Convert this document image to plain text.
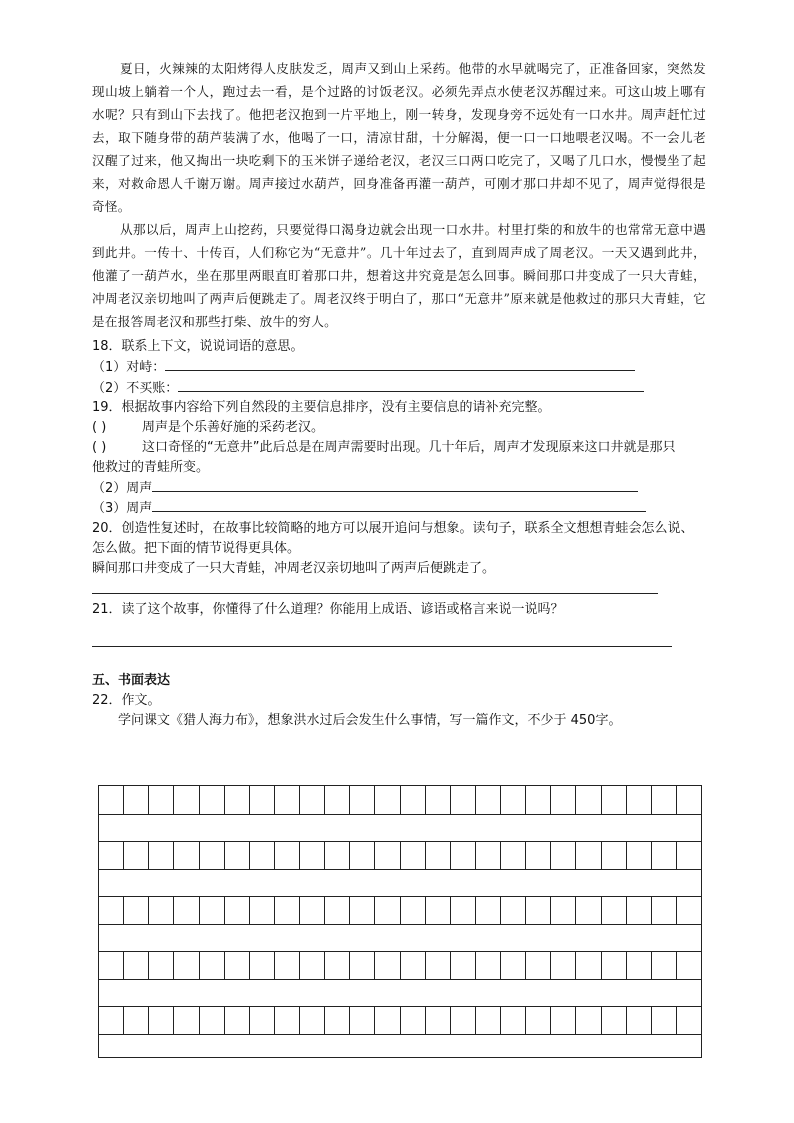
夏日，火辣辣的太阳烤得人皮肤发乏，周声又到山上采药。他带的水早就喝完了，正准备回家，突然发现山坡上躺着一个人，跑过去一看，是个过路的讨饭老汉。必须先弄点水使老汉苏醒过来。可这山坡上哪有水呢？只有到山下去找了。他把老汉抱到一片平地上，刚一转身，发现身旁不远处有一口水井。周声赶忙过去，取下随身带的葫芦装满了水，他喝了一口，清凉甘甜，十分解渴，便一口一口地喂老汉喝。不一会儿老汉醒了过来，他又掏出一块吃剩下的玉米饼子递给老汉，老汉三口两口吃完了，又喝了几口水，慢慢坐了起来，对救命恩人千谢万谢。周声接过水葫芦，回身准备再灌一葫芦，可刚才那口井却不见了，周声觉得很是奇怪。

从那以后，周声上山挖药，只要觉得口渴身边就会出现一口水井。村里打柴的和放牛的也常常无意中遇到此井。一传十、十传百，人们称它为“无意井”。几十年过去了，直到周声成了周老汉。一天又遇到此井，他灌了一葫芦水，坐在那里两眼直盯着那口井，想着这井究竟是怎么回事。瞬间那口井变成了一只大青蛙，冲周老汉亲切地叫了两声后便跳走了。周老汉终于明白了，那口“无意井”原来就是他救过的那只大青蛙，它是在报答周老汉和那些打柴、放牛的穷人。

18．联系上下文，说说词语的意思。
（1）对峙：
（2）不买账：
19．根据故事内容给下列自然段的主要信息排序，没有主要信息的请补充完整。
( )	周声是个乐善好施的采药老汉。
( )	这口奇怪的“无意井”此后总是在周声需要时出现。几十年后，周声才发现原来这口井就是那只
他救过的青蛙所变。
（2）周声
（3）周声
20．创造性复述时，在故事比较简略的地方可以展开追问与想象。读句子，联系全文想想青蛙会怎么说、
怎么做。把下面的情节说得更具体。
瞬间那口井变成了一只大青蛙，冲周老汉亲切地叫了两声后便跳走了。
21．读了这个故事，你懂得了什么道理？你能用上成语、谚语或格言来说一说吗？
五、书面表达
22．作文。
学问课文《猎人海力布》，想象洪水过后会发生什么事情，写一篇作文，不少于 450字。
